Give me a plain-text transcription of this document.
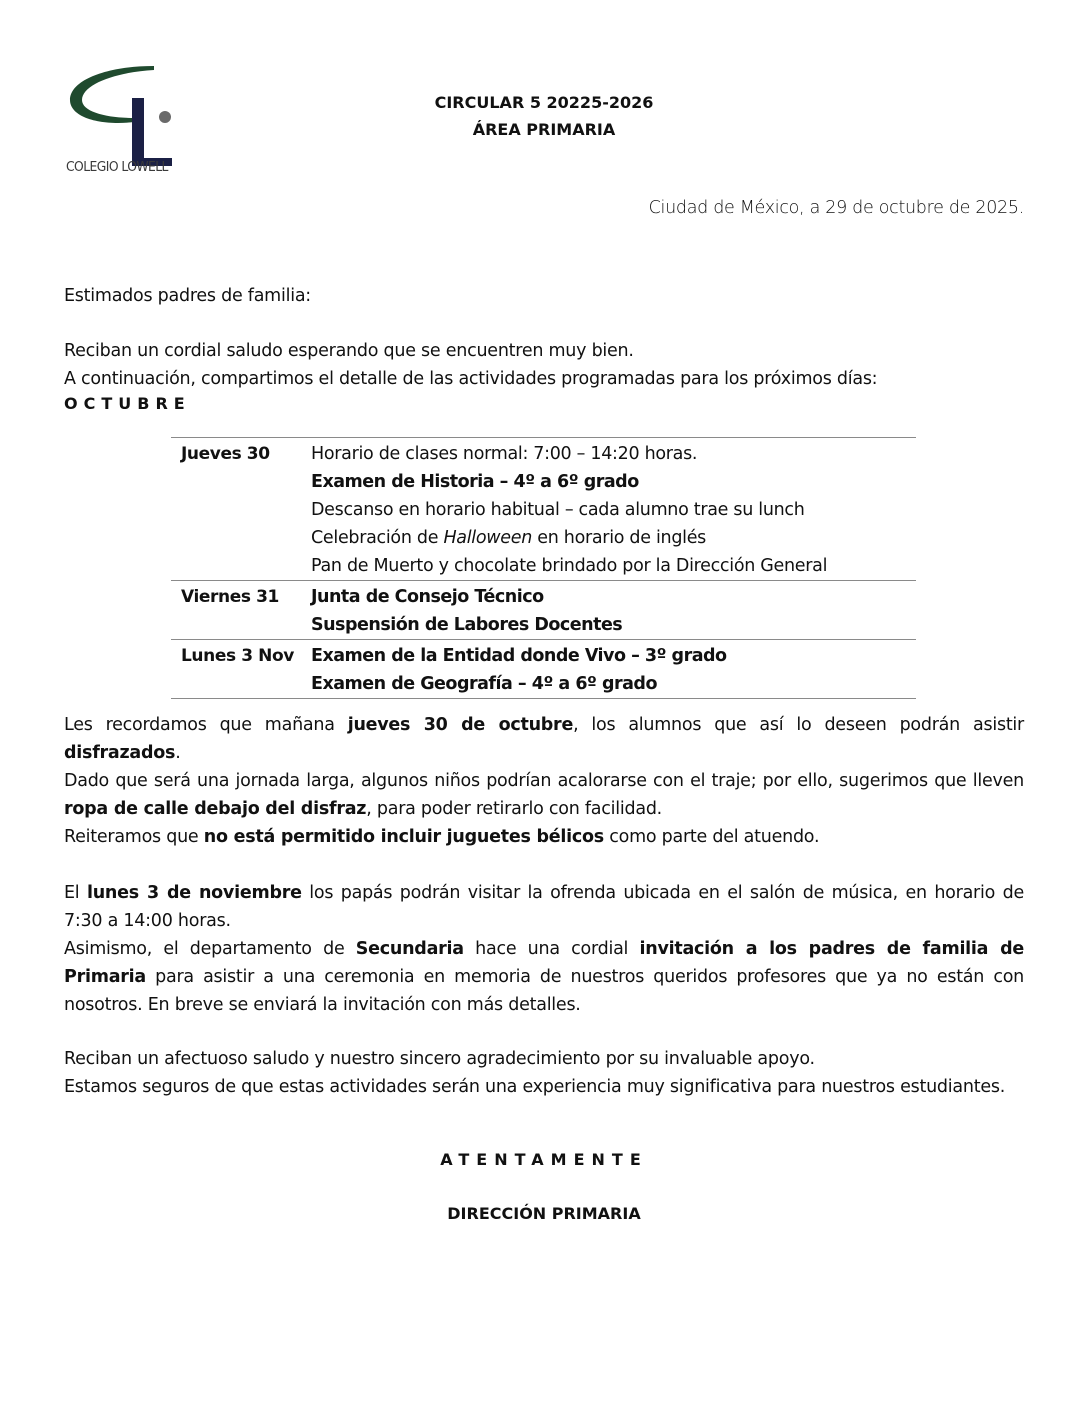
COLEGIO LOWELL
CIRCULAR 5 20225-2026
ÁREA PRIMARIA
Ciudad de México, a 29 de octubre de 2025.
Estimados padres de familia:
Reciban un cordial saludo esperando que se encuentren muy bien.
A continuación, compartimos el detalle de las actividades programadas para los próximos días:
OCTUBRE
Jueves 30	Horario de clases normal: 7:00 – 14:20 horas.
Examen de Historia – 4º a 6º grado
Descanso en horario habitual – cada alumno trae su lunch
Celebración de Halloween en horario de inglés
Pan de Muerto y chocolate brindado por la Dirección General
Viernes 31	Junta de Consejo Técnico
Suspensión de Labores Docentes
Lunes 3 Nov Examen de la Entidad donde Vivo – 3º grado
Examen de Geografía – 4º a 6º grado
Les recordamos que mañana jueves 30 de octubre, los alumnos que así lo deseen podrán asistir disfrazados.
Dado que será una jornada larga, algunos niños podrían acalorarse con el traje; por ello, sugerimos que lleven ropa de calle debajo del disfraz, para poder retirarlo con facilidad.
Reiteramos que no está permitido incluir juguetes bélicos como parte del atuendo.
El lunes 3 de noviembre los papás podrán visitar la ofrenda ubicada en el salón de música, en horario de 7:30 a 14:00 horas.
Asimismo, el departamento de Secundaria hace una cordial invitación a los padres de familia de Primaria para asistir a una ceremonia en memoria de nuestros queridos profesores que ya no están con nosotros. En breve se enviará la invitación con más detalles.
Reciban un afectuoso saludo y nuestro sincero agradecimiento por su invaluable apoyo.
Estamos seguros de que estas actividades serán una experiencia muy significativa para nuestros estudiantes.
ATENTAMENTE
DIRECCIÓN PRIMARIA
